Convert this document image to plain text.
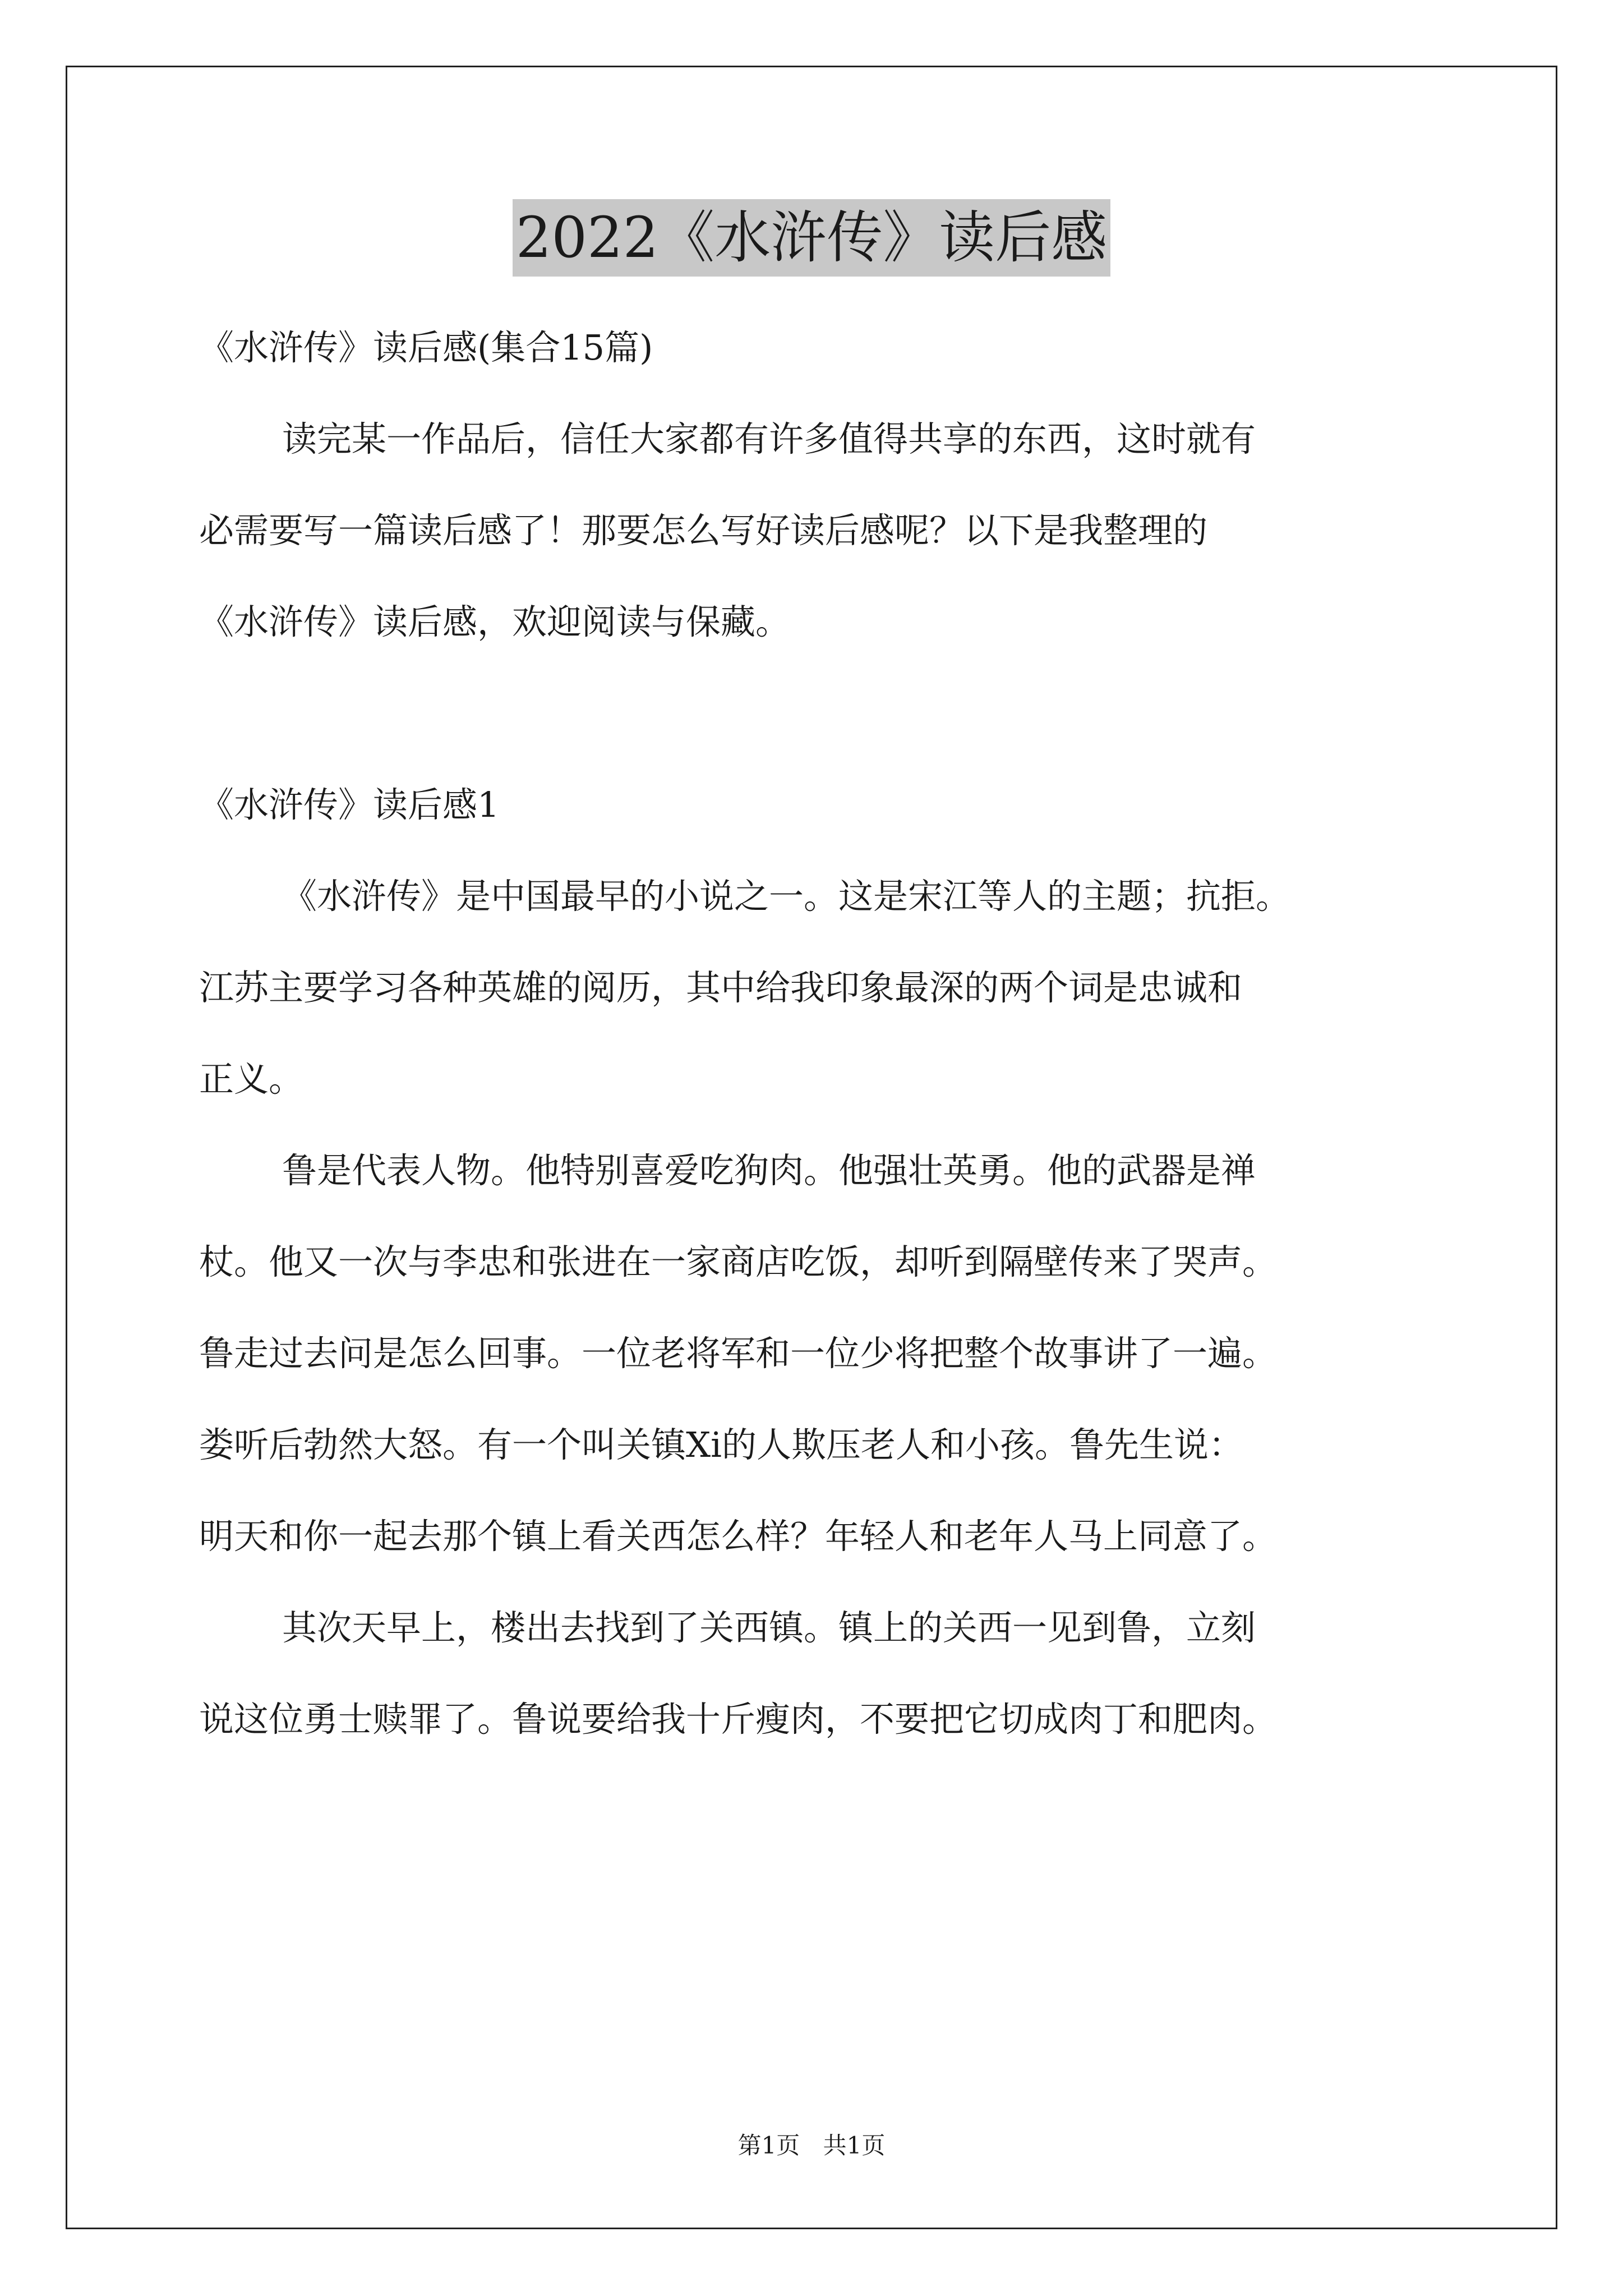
2022《水浒传》读后感
《水浒传》读后感(集合15篇)
读完某一作品后，信任大家都有许多值得共享的东西，这时就有
必需要写一篇读后感了！那要怎么写好读后感呢？以下是我整理的
《水浒传》读后感，欢迎阅读与保藏。
《水浒传》读后感1
《水浒传》是中国最早的小说之一。这是宋江等人的主题；抗拒。
江苏主要学习各种英雄的阅历，其中给我印象最深的两个词是忠诚和
正义。
鲁是代表人物。他特别喜爱吃狗肉。他强壮英勇。他的武器是禅
杖。他又一次与李忠和张进在一家商店吃饭，却听到隔壁传来了哭声。
鲁走过去问是怎么回事。一位老将军和一位少将把整个故事讲了一遍。
娄听后勃然大怒。有一个叫关镇Xi的人欺压老人和小孩。鲁先生说：
明天和你一起去那个镇上看关西怎么样？年轻人和老年人马上同意了。
其次天早上，楼出去找到了关西镇。镇上的关西一见到鲁，立刻
说这位勇士赎罪了。鲁说要给我十斤瘦肉，不要把它切成肉丁和肥肉。
第1页 共1页
